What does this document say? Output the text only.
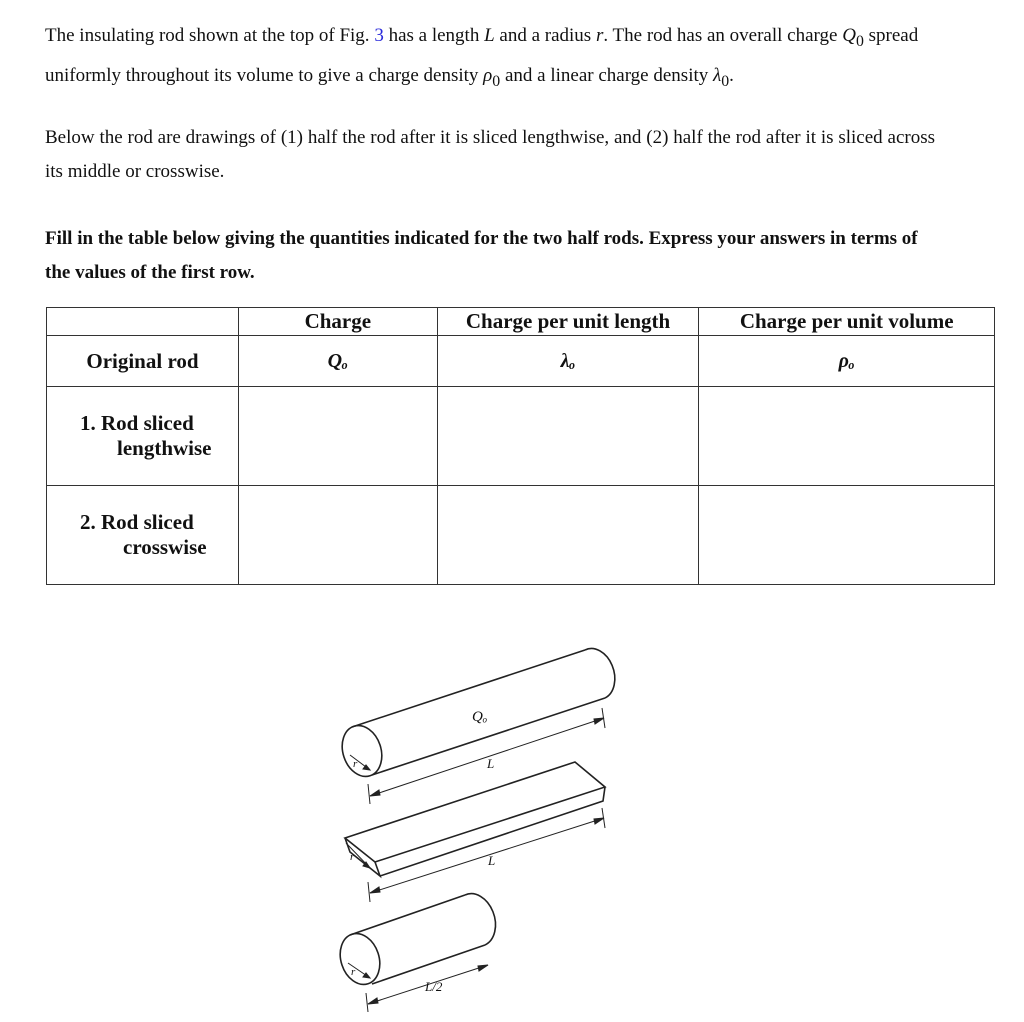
The insulating rod shown at the top of Fig. 3 has a length L and a radius r. The rod has an overall charge $Q_0$ spread uniformly throughout its volume to give a charge density $\rho_0$ and a linear charge density $\lambda_0$.

Below the rod are drawings of (1) half the rod after it is sliced lengthwise, and (2) half the rod after it is sliced across its middle or crosswise.

Fill in the table below giving the quantities indicated for the two half rods. Express your answers in terms of the values of the first row.

	Charge	Charge per unit length	Charge per unit volume
Original rod	Qₒ	λₒ	ρₒ

1. Rod sliced
lengthwise			

2. Rod sliced
crosswise			

Qₒ
L
L
L/2
r
r
r
